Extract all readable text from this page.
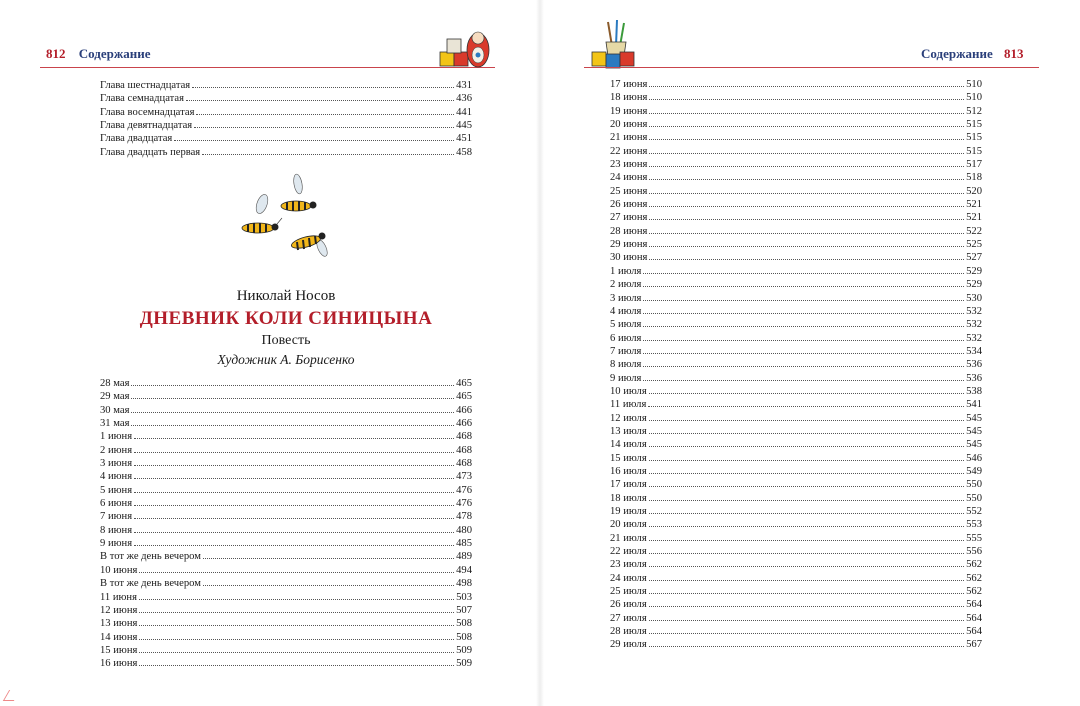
812 Содержание
Глава шестнадцатая	431
Глава семнадцатая	436
Глава восемнадцатая	441
Глава девятнадцатая	445
Глава двадцатая	451
Глава двадцать первая	458
Николай Носов
ДНЕВНИК КОЛИ СИНИЦЫНА
Повесть
Художник А. Борисенко
28 мая	465
29 мая	465
30 мая	466
31 мая	466
1 июня	468
2 июня	468
3 июня	468
4 июня	473
5 июня	476
6 июня	476
7 июня	478
8 июня	480
9 июня	485
В тот же день вечером	489
10 июня	494
В тот же день вечером	498
11 июня	503
12 июня	507
13 июня	508
14 июня	508
15 июня	509
16 июня	509
Содержание 813
17 июня	510
18 июня	510
19 июня	512
20 июня	515
21 июня	515
22 июня	515
23 июня	517
24 июня	518
25 июня	520
26 июня	521
27 июня	521
28 июня	522
29 июня	525
30 июня	527
1 июля	529
2 июля	529
3 июля	530
4 июля	532
5 июля	532
6 июля	532
7 июля	534
8 июля	536
9 июля	536
10 июля	538
11 июля	541
12 июля	545
13 июля	545
14 июля	545
15 июля	546
16 июля	549
17 июля	550
18 июля	550
19 июля	552
20 июля	553
21 июля	555
22 июля	556
23 июля	562
24 июля	562
25 июля	562
26 июля	564
27 июля	564
28 июля	564
29 июля	567
